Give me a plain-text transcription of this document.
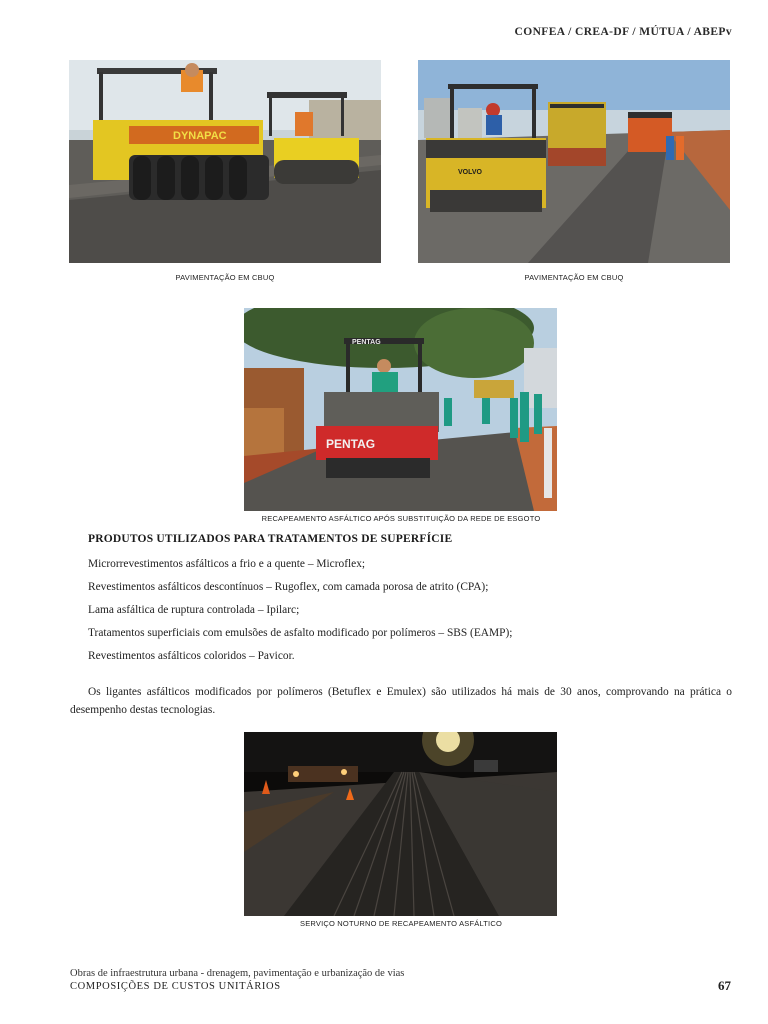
CONFEA / CREA-DF / MÚTUA / ABEPv
DYNAPAC
PAVIMENTAÇÃO EM CBUQ
VOLVO
PAVIMENTAÇÃO EM CBUQ
PENTAG
PENTAG
RECAPEAMENTO ASFÁLTICO APÓS SUBSTITUIÇÃO DA REDE DE ESGOTO
PRODUTOS UTILIZADOS PARA TRATAMENTOS DE SUPERFÍCIE
Microrrevestimentos asfálticos a frio e a quente – Microflex;
Revestimentos asfálticos descontínuos – Rugoflex, com camada porosa de atrito (CPA);
Lama asfáltica de ruptura controlada – Ipilarc;
Tratamentos superficiais com emulsões de asfalto modificado por polímeros – SBS (EAMP);
Revestimentos asfálticos coloridos – Pavicor.

Os ligantes asfálticos modificados por polímeros (Betuflex e Emulex) são utilizados há mais de 30 anos, comprovando na prática o desempenho destas tecnologias.

SERVIÇO NOTURNO DE RECAPEAMENTO ASFÁLTICO
Obras de infraestrutura urbana - drenagem, pavimentação e urbanização de vias
COMPOSIÇÕES DE CUSTOS UNITÁRIOS	67
